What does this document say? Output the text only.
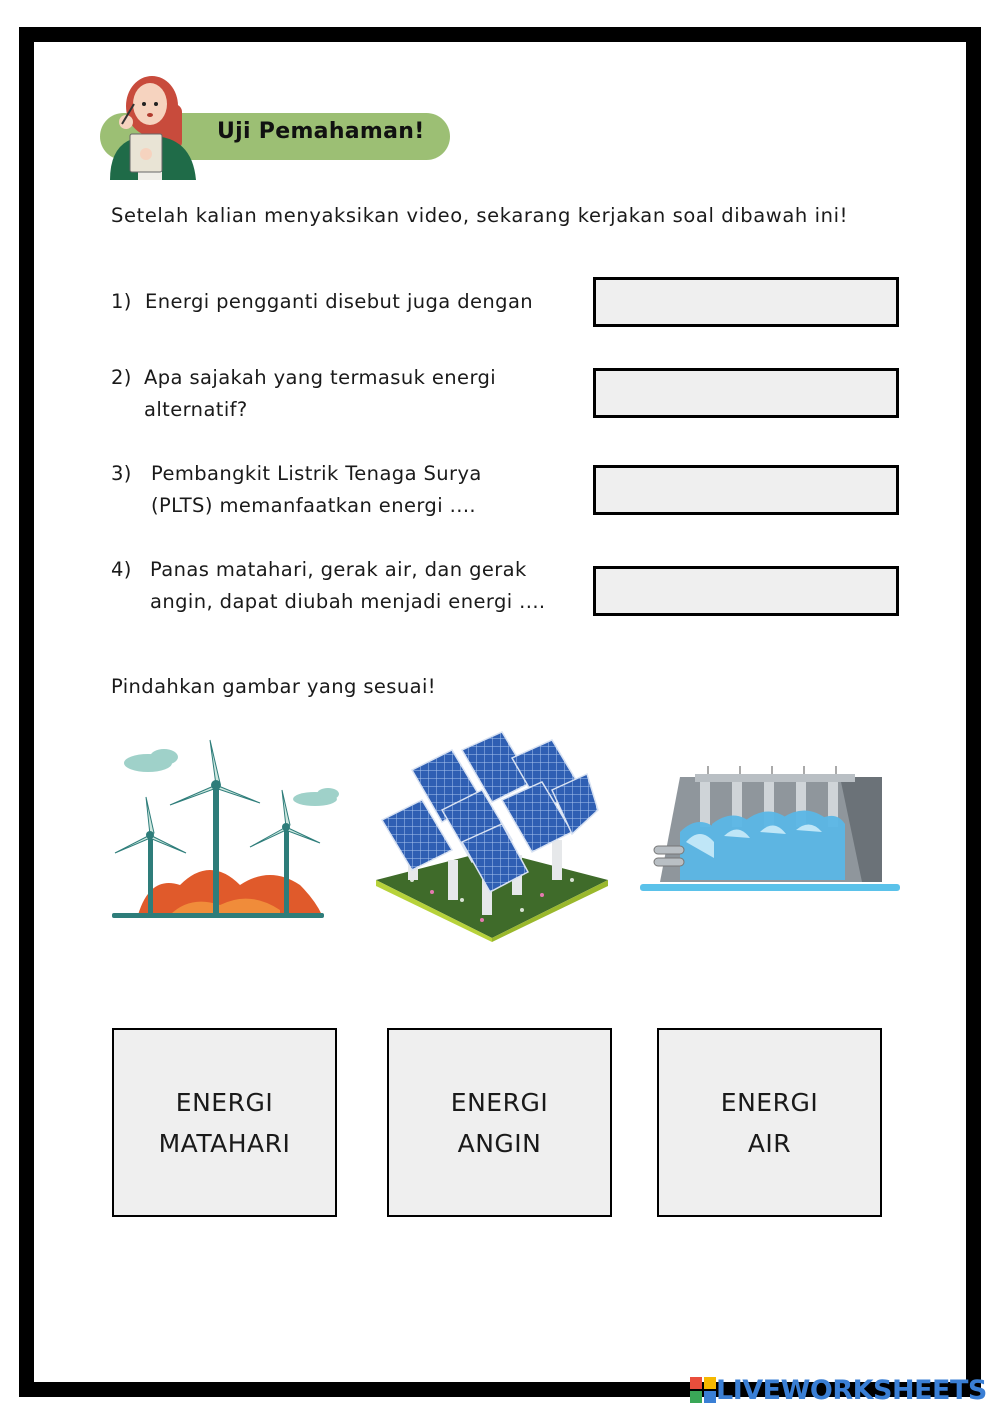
Uji Pemahaman!
Setelah kalian menyaksikan video, sekarang kerjakan soal dibawah ini!
1) Energi pengganti disebut juga dengan
2) Apa sajakah yang termasuk energi
alternatif?
3) Pembangkit Listrik Tenaga Surya
(PLTS) memanfaatkan energi ....
4) Panas matahari, gerak air, dan gerak
angin, dapat diubah menjadi energi ....
Pindahkan gambar yang sesuai!
ENERGI
MATAHARI
ENERGI
ANGIN
ENERGI
AIR
LIVEWORKSHEETS
